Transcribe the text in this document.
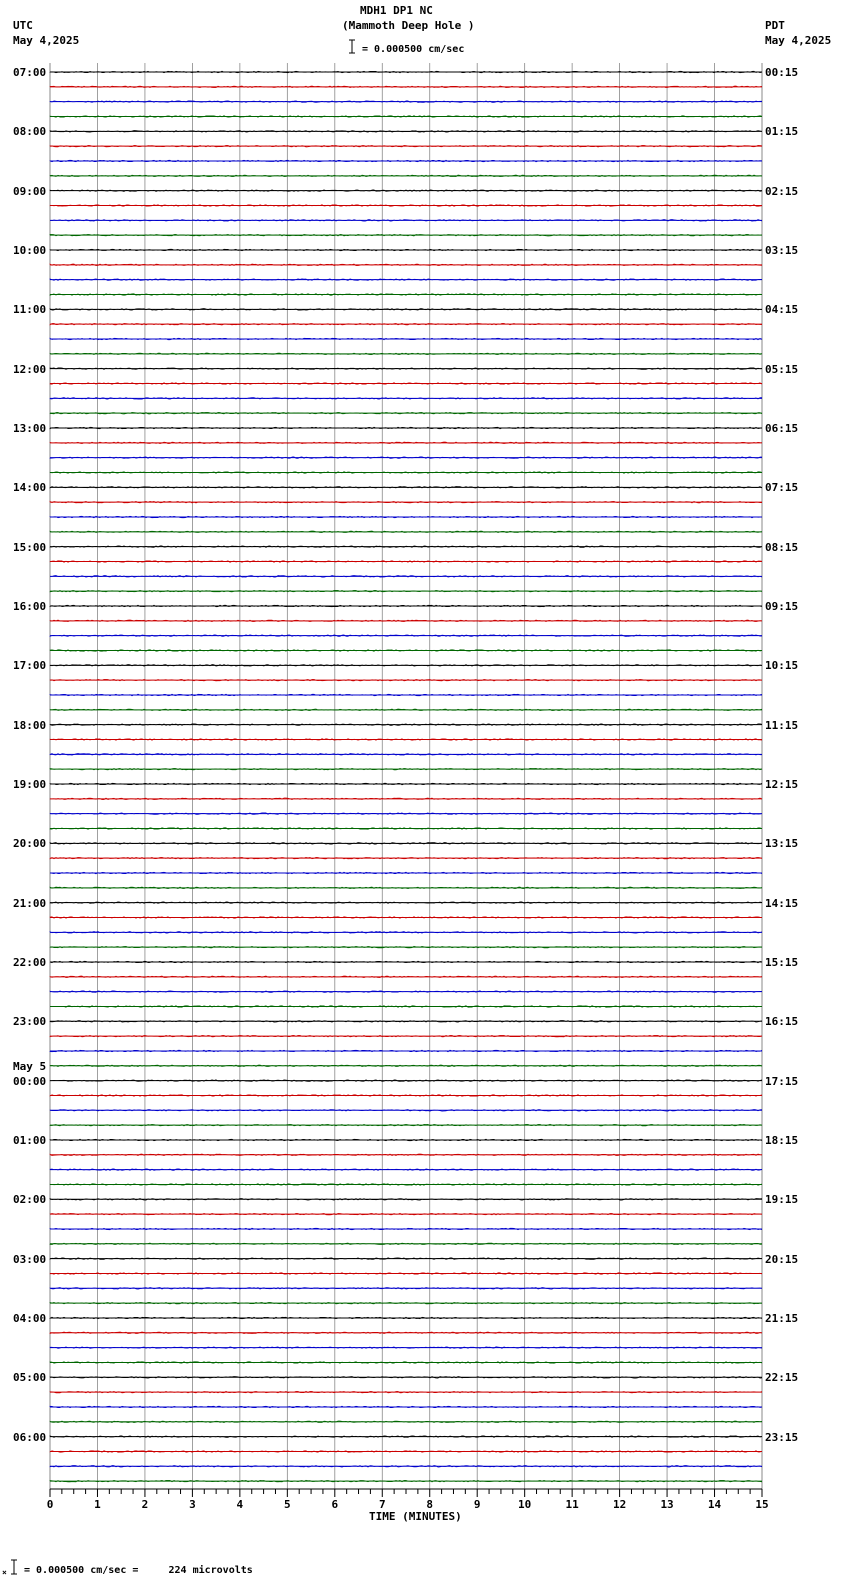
0	1	2	3	4	5	6	7	8	9	10	11	12	13	14	15
MDH1 DP1 NC
(Mammoth Deep Hole )
= 0.000500 cm/sec
UTC
May 4,2025
PDT
May 4,2025
TIME (MINUTES)
= 0.000500 cm/sec =     224 microvolts
×
07:00
08:00
09:00
10:00
11:00
12:00
13:00
14:00
15:00
16:00
17:00
18:00
19:00
20:00
21:00
22:00
23:00
00:00
May 5
01:00
02:00
03:00
04:00
05:00
06:00
00:15
01:15
02:15
03:15
04:15
05:15
06:15
07:15
08:15
09:15
10:15
11:15
12:15
13:15
14:15
15:15
16:15
17:15
18:15
19:15
20:15
21:15
22:15
23:15
